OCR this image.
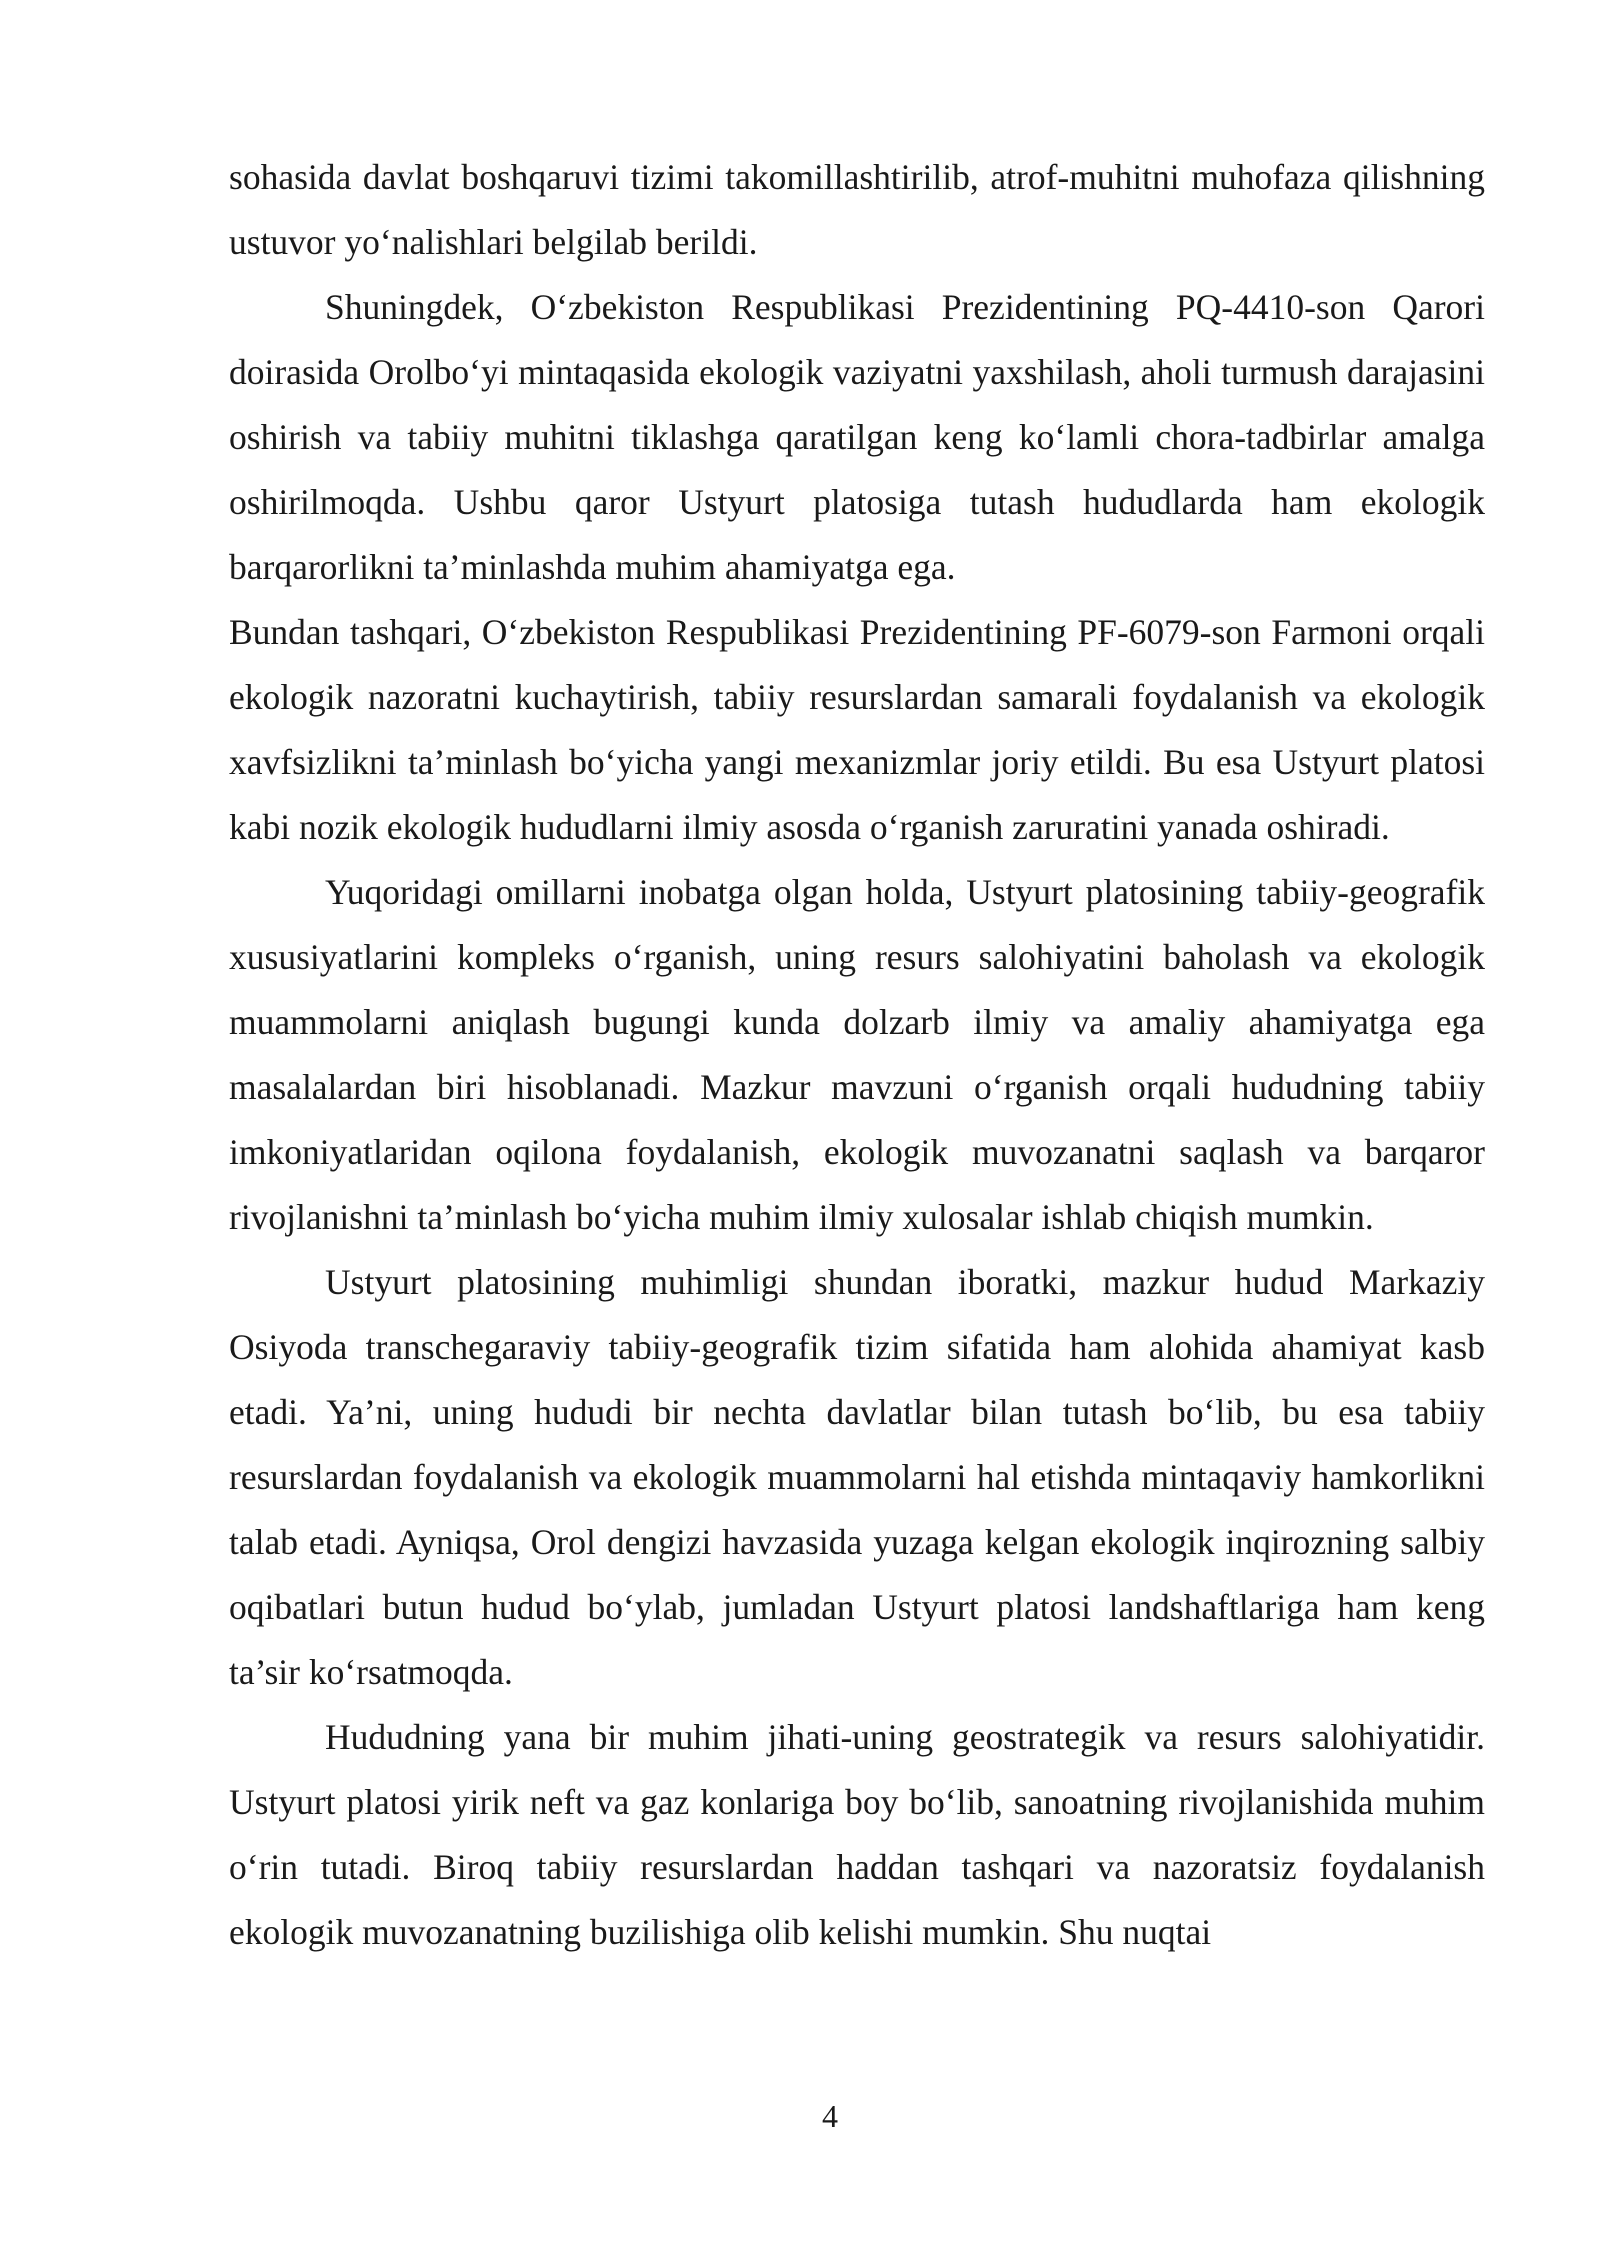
sohasida davlat boshqaruvi tizimi takomillashtirilib, atrof-muhitni muhofaza qilishning ustuvor yo‘nalishlari belgilab berildi.

Shuningdek, O‘zbekiston Respublikasi Prezidentining PQ-4410-son Qarori doirasida Orolbo‘yi mintaqasida ekologik vaziyatni yaxshilash, aholi turmush darajasini oshirish va tabiiy muhitni tiklashga qaratilgan keng ko‘lamli chora-tadbirlar amalga oshirilmoqda. Ushbu qaror Ustyurt platosiga tutash hududlarda ham ekologik barqarorlikni ta’minlashda muhim ahamiyatga ega.

Bundan tashqari, O‘zbekiston Respublikasi Prezidentining PF-6079-son Farmoni orqali ekologik nazoratni kuchaytirish, tabiiy resurslardan samarali foydalanish va ekologik xavfsizlikni ta’minlash bo‘yicha yangi mexanizmlar joriy etildi. Bu esa Ustyurt platosi kabi nozik ekologik hududlarni ilmiy asosda o‘rganish zaruratini yanada oshiradi.

Yuqoridagi omillarni inobatga olgan holda, Ustyurt platosining tabiiy-geografik xususiyatlarini kompleks o‘rganish, uning resurs salohiyatini baholash va ekologik muammolarni aniqlash bugungi kunda dolzarb ilmiy va amaliy ahamiyatga ega masalalardan biri hisoblanadi. Mazkur mavzuni o‘rganish orqali hududning tabiiy imkoniyatlaridan oqilona foydalanish, ekologik muvozanatni saqlash va barqaror rivojlanishni ta’minlash bo‘yicha muhim ilmiy xulosalar ishlab chiqish mumkin.

Ustyurt platosining muhimligi shundan iboratki, mazkur hudud Markaziy Osiyoda transchegaraviy tabiiy-geografik tizim sifatida ham alohida ahamiyat kasb etadi. Ya’ni, uning hududi bir nechta davlatlar bilan tutash bo‘lib, bu esa tabiiy resurslardan foydalanish va ekologik muammolarni hal etishda mintaqaviy hamkorlikni talab etadi. Ayniqsa, Orol dengizi havzasida yuzaga kelgan ekologik inqirozning salbiy oqibatlari butun hudud bo‘ylab, jumladan Ustyurt platosi landshaftlariga ham keng ta’sir ko‘rsatmoqda.

Hududning yana bir muhim jihati-uning geostrategik va resurs salohiyatidir. Ustyurt platosi yirik neft va gaz konlariga boy bo‘lib, sanoatning rivojlanishida muhim o‘rin tutadi. Biroq tabiiy resurslardan haddan tashqari va nazoratsiz foydalanish ekologik muvozanatning buzilishiga olib kelishi mumkin. Shu nuqtai

4
